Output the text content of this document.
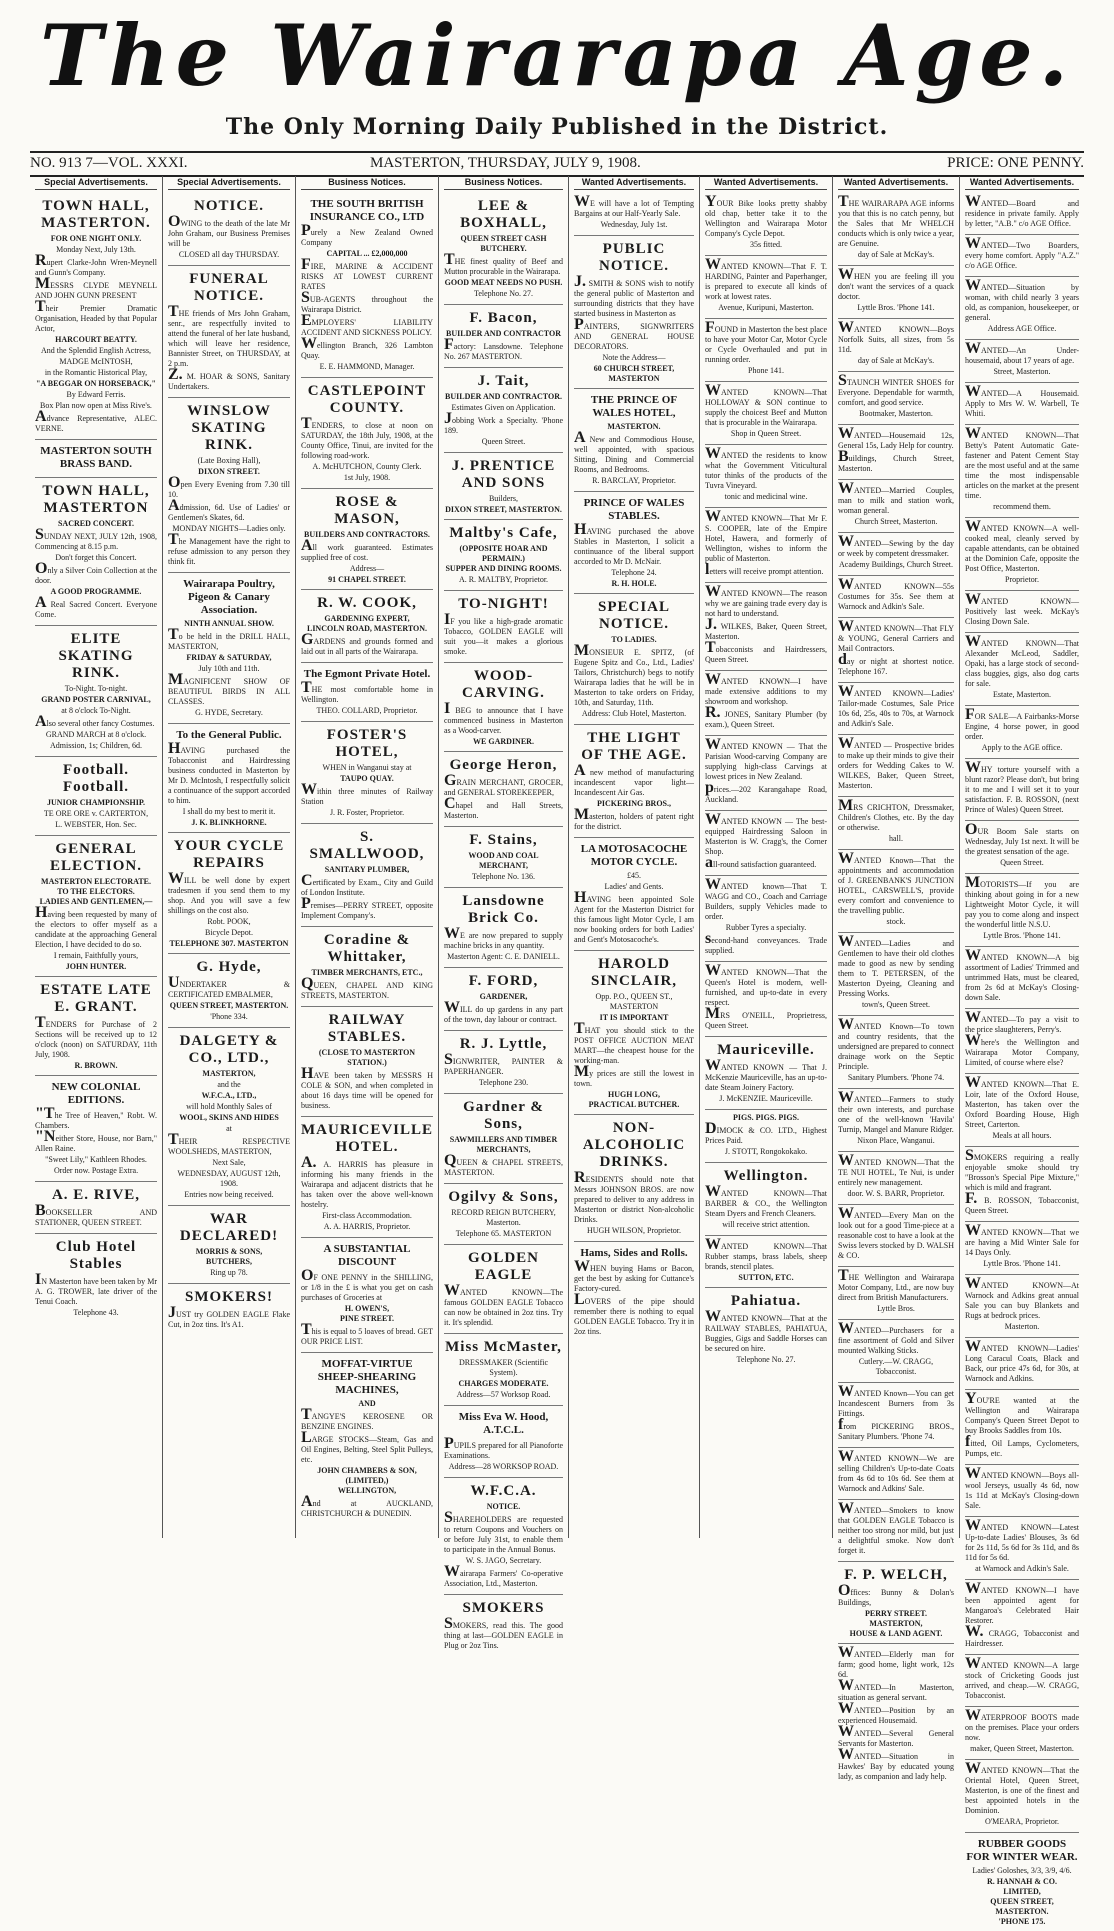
The Wairarapa Age.
The Only Morning Daily Published in the District.
NO. 913 7—VOL. XXXI.	MASTERTON, THURSDAY, JULY 9, 1908.	PRICE: ONE PENNY.
Special Advertisements.
TOWN HALL, MASTERTON.
FOR ONE NIGHT ONLY.
Monday Next, July 13th.
Rupert Clarke-John Wren-Meynell and Gunn's Company.
MESSRS CLYDE MEYNELL AND JOHN GUNN PRESENT
Their Premier Dramatic Organisation, Headed by that Popular Actor,
HARCOURT BEATTY.
And the Splendid English Actress,
MADGE McINTOSH,
in the Romantic Historical Play,
"A BEGGAR ON HORSEBACK,"
By Edward Ferris.
Box Plan now open at Miss Rive's.
Advance Representative, ALEC. VERNE.
MASTERTON SOUTH BRASS BAND.
TOWN HALL, MASTERTON
SACRED CONCERT.
SUNDAY NEXT, JULY 12th, 1908, Commencing at 8.15 p.m.
Don't forget this Concert.
Only a Silver Coin Collection at the door.
A GOOD PROGRAMME.
A Real Sacred Concert. Everyone Come.
ELITE SKATING RINK.
To-Night. To-night.
GRAND POSTER CARNIVAL,
at 8 o'clock To-Night.
Also several other fancy Costumes.
GRAND MARCH at 8 o'clock.
Admission, 1s; Children, 6d.
Football. Football.
JUNIOR CHAMPIONSHIP.
TE ORE ORE v. CARTERTON,
L. WEBSTER, Hon. Sec.
GENERAL ELECTION.
MASTERTON ELECTORATE.
TO THE ELECTORS.
LADIES AND GENTLEMEN,—
Having been requested by many of the electors to offer myself as a candidate at the approaching General Election, I have decided to do so.
I remain, Faithfully yours,
JOHN HUNTER.
ESTATE LATE E. GRANT.
TENDERS for Purchase of 2 Sections will be received up to 12 o'clock (noon) on SATURDAY, 11th July, 1908.
R. BROWN.
NEW COLONIAL EDITIONS.
"The Tree of Heaven," Robt. W. Chambers.
"Neither Store, House, nor Barn," Allen Raine.
"Sweet Lily," Kathleen Rhodes.
Order now. Postage Extra.
A. E. RIVE,
BOOKSELLER AND STATIONER, QUEEN STREET.
Club Hotel Stables
IN Masterton have been taken by Mr A. G. TROWER, late driver of the Tenui Coach.
Telephone 43.
Special Advertisements.
NOTICE.
OWING to the death of the late Mr John Graham, our Business Premises will be
CLOSED all day THURSDAY.
FUNERAL NOTICE.
THE friends of Mrs John Graham, senr., are respectfully invited to attend the funeral of her late husband, which will leave her residence, Bannister Street, on THURSDAY, at 2 p.m.
Z. M. HOAR & SONS, Sanitary Undertakers.
WINSLOW SKATING RINK.
(Late Boxing Hall),
DIXON STREET.
Open Every Evening from 7.30 till 10.
Admission, 6d. Use of Ladies' or Gentlemen's Skates, 6d.
MONDAY NIGHTS—Ladies only.
The Management have the right to refuse admission to any person they think fit.
Wairarapa Poultry, Pigeon & Canary Association.
NINTH ANNUAL SHOW.
To be held in the DRILL HALL, MASTERTON,
FRIDAY & SATURDAY,
July 10th and 11th.
MAGNIFICENT SHOW OF BEAUTIFUL BIRDS IN ALL CLASSES.
G. HYDE, Secretary.
To the General Public.
HAVING purchased the Tobacconist and Hairdressing business conducted in Masterton by Mr D. McIntosh, I respectfully solicit a continuance of the support accorded to him.
I shall do my best to merit it.
J. K. BLINKHORNE.
YOUR CYCLE REPAIRS
WILL be well done by expert tradesmen if you send them to my shop. And you will save a few shillings on the cost also.
Robt. POOK,
Bicycle Depot.
TELEPHONE 307. MASTERTON
G. Hyde,
UNDERTAKER & CERTIFICATED EMBALMER,
QUEEN STREET, MASTERTON.
'Phone 334.
DALGETY & CO., LTD.,
MASTERTON,
and the
W.F.C.A., LTD.,
will hold Monthly Sales of
WOOL, SKINS AND HIDES
at
THEIR RESPECTIVE WOOLSHEDS, MASTERTON,
Next Sale,
WEDNESDAY, AUGUST 12th, 1908.
Entries now being received.
WAR DECLARED!
MORRIS & SONS,
BUTCHERS,
Ring up 78.
SMOKERS!
JUST try GOLDEN EAGLE Flake Cut, in 2oz tins. It's A1.
Business Notices.
THE SOUTH BRITISH INSURANCE CO., LTD
Purely a New Zealand Owned Company
CAPITAL ... £2,000,000
FIRE, MARINE & ACCIDENT RISKS AT LOWEST CURRENT RATES
SUB-AGENTS throughout the Wairarapa District.
EMPLOYERS' LIABILITY ACCIDENT AND SICKNESS POLICY.
Wellington Branch, 326 Lambton Quay.
E. E. HAMMOND, Manager.
CASTLEPOINT COUNTY.
TENDERS, to close at noon on SATURDAY, the 18th July, 1908, at the County Office, Tinui, are invited for the following road-work.
A. McHUTCHON, County Clerk.
1st July, 1908.
ROSE & MASON,
BUILDERS AND CONTRACTORS.
All work guaranteed. Estimates supplied free of cost.
Address—
91 CHAPEL STREET.
R. W. COOK,
GARDENING EXPERT,
LINCOLN ROAD, MASTERTON.
GARDENS and grounds formed and laid out in all parts of the Wairarapa.
The Egmont Private Hotel.
THE most comfortable home in Wellington.
THEO. COLLARD, Proprietor.
FOSTER'S HOTEL,
WHEN in Wanganui stay at
TAUPO QUAY.
Within three minutes of Railway Station
J. R. Foster, Proprietor.
S. SMALLWOOD,
SANITARY PLUMBER,
Certificated by Exam., City and Guild of London Institute.
Premises—PERRY STREET, opposite Implement Company's.
Coradine & Whittaker,
TIMBER MERCHANTS, ETC.,
QUEEN, CHAPEL AND KING STREETS, MASTERTON.
RAILWAY STABLES.
(CLOSE TO MASTERTON STATION.)
HAVE been taken by MESSRS H COLE & SON, and when completed in about 16 days time will be opened for business.
MAURICEVILLE HOTEL.
A. A. HARRIS has pleasure in informing his many friends in the Wairarapa and adjacent districts that he has taken over the above well-known hostelry.
First-class Accommodation.
A. A. HARRIS, Proprietor.
A SUBSTANTIAL DISCOUNT
OF ONE PENNY in the SHILLING, or 1/8 in the £ is what you get on cash purchases of Groceries at
H. OWEN'S,
PINE STREET.
This is equal to 5 loaves of bread. GET OUR PRICE LIST.
MOFFAT-VIRTUE SHEEP-SHEARING MACHINES,
AND
TANGYE'S KEROSENE OR BENZINE ENGINES.
LARGE STOCKS—Steam, Gas and Oil Engines, Belting, Steel Split Pulleys, etc.
JOHN CHAMBERS & SON,
(LIMITED,)
WELLINGTON,
And at AUCKLAND, CHRISTCHURCH & DUNEDIN.
Business Notices.
LEE & BOXHALL,
QUEEN STREET CASH BUTCHERY.
THE finest quality of Beef and Mutton procurable in the Wairarapa.
GOOD MEAT NEEDS NO PUSH.
Telephone No. 27.
F. Bacon,
BUILDER AND CONTRACTOR
Factory: Lansdowne. Telephone No. 267 MASTERTON.
J. Tait,
BUILDER AND CONTRACTOR.
Estimates Given on Application.
Jobbing Work a Specialty. 'Phone 189.
Queen Street.
J. PRENTICE AND SONS
Builders,
DIXON STREET, MASTERTON.
Maltby's Cafe,
(OPPOSITE HOAR AND PERMAIN.)
SUPPER AND DINING ROOMS.
A. R. MALTBY, Proprietor.
TO-NIGHT!
IF you like a high-grade aromatic Tobacco, GOLDEN EAGLE will suit you—it makes a glorious smoke.
WOOD-CARVING.
I BEG to announce that I have commenced business in Masterton as a Wood-carver.
WE GARDINER.
George Heron,
GRAIN MERCHANT, GROCER, and GENERAL STOREKEEPER,
Chapel and Hall Streets, Masterton.
F. Stains,
WOOD AND COAL MERCHANT,
Telephone No. 136.
Lansdowne Brick Co.
WE are now prepared to supply machine bricks in any quantity.
Masterton Agent: C. E. DANIELL.
F. FORD,
GARDENER,
WILL do up gardens in any part of the town, day labour or contract.
R. J. Lyttle,
SIGNWRITER, PAINTER & PAPERHANGER.
Telephone 230.
Gardner & Sons,
SAWMILLERS AND TIMBER MERCHANTS,
QUEEN & CHAPEL STREETS, MASTERTON.
Ogilvy & Sons,
RECORD REIGN BUTCHERY, Masterton.
Telephone 65. MASTERTON
GOLDEN EAGLE
WANTED KNOWN—The famous GOLDEN EAGLE Tobacco can now be obtained in 2oz tins. Try it. It's splendid.
Miss McMaster,
DRESSMAKER (Scientific System).
CHARGES MODERATE.
Address—57 Worksop Road.
Miss Eva W. Hood, A.T.C.L.
PUPILS prepared for all Pianoforte Examinations.
Address—28 WORKSOP ROAD.
W.F.C.A.
NOTICE.
SHAREHOLDERS are requested to return Coupons and Vouchers on or before July 31st, to enable them to participate in the Annual Bonus.
W. S. JAGO, Secretary.
Wairarapa Farmers' Co-operative Association, Ltd., Masterton.
SMOKERS
SMOKERS, read this. The good thing at last—GOLDEN EAGLE in Plug or 2oz Tins.
Wanted Advertisements.
WE will have a lot of Tempting Bargains at our Half-Yearly Sale.
Wednesday, July 1st.
PUBLIC NOTICE.
J. SMITH & SONS wish to notify the general public of Masterton and surrounding districts that they have started business in Masterton as
PAINTERS, SIGNWRITERS AND GENERAL HOUSE DECORATORS.
Note the Address—
60 CHURCH STREET, MASTERTON
THE PRINCE OF WALES HOTEL,
MASTERTON.
A New and Commodious House, well appointed, with spacious Sitting, Dining and Commercial Rooms, and Bedrooms.
R. BARCLAY, Proprietor.
PRINCE OF WALES STABLES.
HAVING purchased the above Stables in Masterton, I solicit a continuance of the liberal support accorded to Mr D. McNair.
Telephone 24.
R. H. HOLE.
SPECIAL NOTICE.
TO LADIES.
MONSIEUR E. SPITZ, (of Eugene Spitz and Co., Ltd., Ladies' Tailors, Christchurch) begs to notify Wairarapa ladies that he will be in Masterton to take orders on Friday, 10th, and Saturday, 11th.
Address: Club Hotel, Masterton.
THE LIGHT OF THE AGE.
A new method of manufacturing incandescent vapor light—Incandescent Air Gas.
PICKERING BROS.,
Masterton, holders of patent right for the district.
LA MOTOSACOCHE MOTOR CYCLE.
£45.
Ladies' and Gents.
HAVING been appointed Sole Agent for the Masterton District for this famous light Motor Cycle, I am now booking orders for both Ladies' and Gent's Motosacoche's.
HAROLD SINCLAIR,
Opp. P.O., QUEEN ST., MASTERTON
IT IS IMPORTANT
THAT you should stick to the POST OFFICE AUCTION MEAT MART—the cheapest house for the working-man.
My prices are still the lowest in town.
HUGH LONG,
PRACTICAL BUTCHER.
NON-ALCOHOLIC DRINKS.
RESIDENTS should note that Messrs JOHNSON BROS. are now prepared to deliver to any address in Masterton or district Non-alcoholic Drinks.
HUGH WILSON, Proprietor.
Hams, Sides and Rolls.
WHEN buying Hams or Bacon, get the best by asking for Cuttance's Factory-cured.
LOVERS of the pipe should remember there is nothing to equal GOLDEN EAGLE Tobacco. Try it in 2oz tins.
Wanted Advertisements.
YOUR Bike looks pretty shabby old chap, better take it to the Wellington and Wairarapa Motor Company's Cycle Depot.
35s fitted.
WANTED KNOWN—That F. T. HARDING, Painter and Paperhanger, is prepared to execute all kinds of work at lowest rates.
Avenue, Kuripuni, Masterton.
FOUND in Masterton the best place to have your Motor Car, Motor Cycle or Cycle Overhauled and put in running order.
Phone 141.
WANTED KNOWN—That HOLLOWAY & SON continue to supply the choicest Beef and Mutton that is procurable in the Wairarapa.
Shop in Queen Street.
WANTED the residents to know what the Government Viticultural tutor thinks of the products of the Tuvra Vineyard.
tonic and medicinal wine.
WANTED KNOWN—That Mr F. S. COOPER, late of the Empire Hotel, Hawera, and formerly of Wellington, wishes to inform the public of Masterton.
letters will receive prompt attention.
WANTED KNOWN—The reason why we are gaining trade every day is not hard to understand.
J. WILKES, Baker, Queen Street, Masterton.
Tobacconists and Hairdressers, Queen Street.
WANTED KNOWN—I have made extensive additions to my showroom and workshop.
R. JONES, Sanitary Plumber (by exam.), Queen Street.
WANTED KNOWN — That the Parisian Wood-carving Company are supplying high-class Carvings at lowest prices in New Zealand.
prices.—202 Karangahape Road, Auckland.
WANTED KNOWN — The best-equipped Hairdressing Saloon in Masterton is W. Cragg's, the Corner Shop.
all-round satisfaction guaranteed.
WANTED known—That T. WAGG and CO., Coach and Carriage Builders, supply Vehicles made to order.
Rubber Tyres a specialty.
second-hand conveyances. Trade supplied.
WANTED KNOWN—That the Queen's Hotel is modern, well-furnished, and up-to-date in every respect.
MRS O'NEILL, Proprietress, Queen Street.
Mauriceville.
WANTED KNOWN — That J. McKenzie Mauriceville, has an up-to-date Steam Joinery Factory.
J. McKENZIE. Mauriceville.
PIGS. PIGS. PIGS.
DIMOCK & CO. LTD., Highest Prices Paid.
J. STOTT, Rongokokako.
Wellington.
WANTED KNOWN—That BARBER & CO., the Wellington Steam Dyers and French Cleaners.
will receive strict attention.
WANTED KNOWN—That Rubber stamps, brass labels, sheep brands, stencil plates.
SUTTON, ETC.
Pahiatua.
WANTED KNOWN—That at the RAILWAY STABLES, PAHIATUA, Buggies, Gigs and Saddle Horses can be secured on hire.
Telephone No. 27.
Wanted Advertisements.
THE WAIRARAPA AGE informs you that this is no catch penny, but the Sales that Mr WHELCH conducts which is only twice a year, are Genuine.
day of Sale at McKay's.
WHEN you are feeling ill you don't want the services of a quack doctor.
Lyttle Bros. 'Phone 141.
WANTED KNOWN—Boys Norfolk Suits, all sizes, from 5s 11d.
day of Sale at McKay's.
STAUNCH WINTER SHOES for Everyone. Dependable for warmth, comfort, and good service.
Bootmaker, Masterton.
WANTED—Housemaid 12s, General 15s, Lady Help for country.
Buildings, Church Street, Masterton.
WANTED—Married Couples, man to milk and station work, woman general.
Church Street, Masterton.
WANTED—Sewing by the day or week by competent dressmaker.
Academy Buildings, Church Street.
WANTED KNOWN—55s Costumes for 35s. See them at Warnock and Adkin's Sale.
WANTED KNOWN—That FLY & YOUNG, General Carriers and Mail Contractors.
day or night at shortest notice. Telephone 167.
WANTED KNOWN—Ladies' Tailor-made Costumes, Sale Price 10s 6d, 25s, 40s to 70s, at Warnock and Adkin's Sale.
WANTED — Prospective brides to make up their minds to give their orders for Wedding Cakes to W. WILKES, Baker, Queen Street, Masterton.
MRS CRICHTON, Dressmaker, Children's Clothes, etc. By the day or otherwise.
hall.
WANTED Known—That the appointments and accommodation of J. GREENBANK'S JUNCTION HOTEL, CARSWELL'S, provide every comfort and convenience to the travelling public.
stock.
WANTED—Ladies and Gentlemen to have their old clothes made to good as new by sending them to T. PETERSEN, of the Masterton Dyeing, Cleaning and Pressing Works.
town's, Queen Street.
WANTED Known—To town and country residents, that the undersigned are prepared to connect drainage work on the Septic Principle.
Sanitary Plumbers. 'Phone 74.
WANTED—Farmers to study their own interests, and purchase one of the well-known 'Havila' Turnip, Mangel and Manure Ridger.
Nixon Place, Wanganui.
WANTED KNOWN—That the TE NUI HOTEL, Te Nui, is under entirely new management.
door. W. S. BARR, Proprietor.
WANTED—Every Man on the look out for a good Time-piece at a reasonable cost to have a look at the Swiss levers stocked by D. WALSH & CO.
THE Wellington and Wairarapa Motor Company, Ltd., are now buy direct from British Manufacturers.
Lyttle Bros.
WANTED—Purchasers for a fine assortment of Gold and Silver mounted Walking Sticks.
Cutlery.—W. CRAGG, Tobacconist.
WANTED Known—You can get Incandescent Burners from 3s Fittings.
from PICKERING BROS., Sanitary Plumbers. 'Phone 74.
WANTED KNOWN—We are selling Children's Up-to-date Coats from 4s 6d to 10s 6d. See them at Warnock and Adkins' Sale.
WANTED—Smokers to know that GOLDEN EAGLE Tobacco is neither too strong nor mild, but just a delightful smoke. Now don't forget it.
F. P. WELCH,
Offices: Bunny & Dolan's Buildings,
PERRY STREET. MASTERTON,
HOUSE & LAND AGENT.
WANTED—Elderly man for farm; good home, light work, 12s 6d.
WANTED—In Masterton, situation as general servant.
WANTED—Position by an experienced Housemaid.
WANTED—Several General Servants for Masterton.
WANTED—Situation in Hawkes' Bay by educated young lady, as companion and lady help.
Wanted Advertisements.
WANTED—Board and residence in private family. Apply by letter, "A.B." c/o AGE Office.
WANTED—Two Boarders, every home comfort. Apply "A.Z." c/o AGE Office.
WANTED—Situation by woman, with child nearly 3 years old, as companion, housekeeper, or general.
Address AGE Office.
WANTED—An Under-housemaid, about 17 years of age.
Street, Masterton.
WANTED—A Housemaid. Apply to Mrs W. W. Warbell, Te Whiti.
WANTED KNOWN—That Betty's Patent Automatic Gate-fastener and Patent Cement Stay are the most useful and at the same time the most indispensable articles on the market at the present time.
recommend them.
WANTED KNOWN—A well-cooked meal, cleanly served by capable attendants, can be obtained at the Dominion Cafe, opposite the Post Office, Masterton.
Proprietor.
WANTED KNOWN—Positively last week. McKay's Closing Down Sale.
WANTED KNOWN—That Alexander McLeod, Saddler, Opaki, has a large stock of second-class buggies, gigs, also dog carts for sale.
Estate, Masterton.
FOR SALE—A Fairbanks-Morse Engine, 4 horse power, in good order.
Apply to the AGE office.
WHY torture yourself with a blunt razor? Please don't, but bring it to me and I will set it to your satisfaction. F. B. ROSSON, (next Prince of Wales) Queen Street.
OUR Boom Sale starts on Wednesday, July 1st next. It will be the greatest sensation of the age.
Queen Street.
MOTORISTS—If you are thinking about going in for a new Lightweight Motor Cycle, it will pay you to come along and inspect the wonderful little N.S.U.
Lyttle Bros. 'Phone 141.
WANTED KNOWN—A big assortment of Ladies' Trimmed and untrimmed Hats, must be cleared, from 2s 6d at McKay's Closing-down Sale.
WANTED—To pay a visit to the price slaughterers, Perry's.
Where's the Wellington and Wairarapa Motor Company, Limited, of course where else?
WANTED KNOWN—That E. Loir, late of the Oxford House, Masterton, has taken over the Oxford Boarding House, High Street, Carterton.
Meals at all hours.
SMOKERS requiring a really enjoyable smoke should try "Brosson's Special Pipe Mixture," which is mild and fragrant.
F. B. ROSSON, Tobacconist, Queen Street.
WANTED KNOWN—That we are having a Mid Winter Sale for 14 Days Only.
Lyttle Bros. 'Phone 141.
WANTED KNOWN—At Warnock and Adkins great annual Sale you can buy Blankets and Rugs at bedrock prices.
Masterton.
WANTED KNOWN—Ladies' Long Caracul Coats, Black and Back, our price 47s 6d, for 30s, at Warnock and Adkins.
YOU'RE wanted at the Wellington and Wairarapa Company's Queen Street Depot to buy Brooks Saddles from 10s.
fitted, Oil Lamps, Cyclometers, Pumps, etc.
WANTED KNOWN—Boys all-wool Jerseys, usually 4s 6d, now 1s 11d at McKay's Closing-down Sale.
WANTED KNOWN—Latest Up-to-date Ladies' Blouses, 3s 6d for 2s 11d, 5s 6d for 3s 11d, and 8s 11d for 5s 6d.
at Warnock and Adkin's Sale.
WANTED KNOWN—I have been appointed agent for Mangaroa's Celebrated Hair Restorer.
W. CRAGG, Tobacconist and Hairdresser.
WANTED KNOWN—A large stock of Cricketing Goods just arrived, and cheap.—W. CRAGG, Tobacconist.
WATERPROOF BOOTS made on the premises. Place your orders now.
maker, Queen Street, Masterton.
WANTED KNOWN—That the Oriental Hotel, Queen Street, Masterton, is one of the finest and best appointed hotels in the Dominion.
O'MEARA, Proprietor.
RUBBER GOODS FOR WINTER WEAR.
Ladies' Goloshes, 3/3, 3/9, 4/6.
R. HANNAH & CO.
LIMITED,
QUEEN STREET, MASTERTON.
'PHONE 175.
